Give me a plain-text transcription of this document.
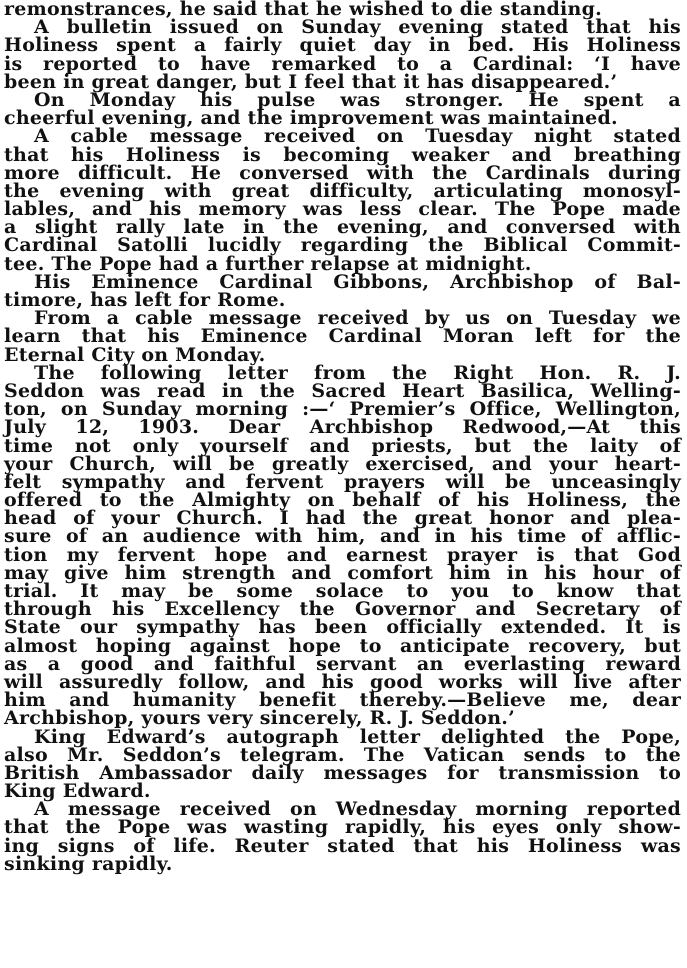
remonstrances, he said that he wished to die standing.
A bulletin issued on Sunday evening stated that his
Holiness spent a fairly quiet day in bed. His Holiness
is reported to have remarked to a Cardinal: ‘I have
been in great danger, but I feel that it has disappeared.’
On Monday his pulse was stronger. He spent a
cheerful evening, and the improvement was maintained.
A cable message received on Tuesday night stated
that his Holiness is becoming weaker and breathing
more difficult. He conversed with the Cardinals during
the evening with great difficulty, articulating monosyl-
lables, and his memory was less clear. The Pope made
a slight rally late in the evening, and conversed with
Cardinal Satolli lucidly regarding the Biblical Commit-
tee. The Pope had a further relapse at midnight.
His Eminence Cardinal Gibbons, Archbishop of Bal-
timore, has left for Rome.
From a cable message received by us on Tuesday we
learn that his Eminence Cardinal Moran left for the
Eternal City on Monday.
The following letter from the Right Hon. R. J.
Seddon was read in the Sacred Heart Basilica, Welling-
ton, on Sunday morning :—‘ Premier’s Office, Wellington,
July 12, 1903. Dear Archbishop Redwood,—At this
time not only yourself and priests, but the laity of
your Church, will be greatly exercised, and your heart-
felt sympathy and fervent prayers will be unceasingly
offered to the Almighty on behalf of his Holiness, the
head of your Church. I had the great honor and plea-
sure of an audience with him, and in his time of afflic-
tion my fervent hope and earnest prayer is that God
may give him strength and comfort him in his hour of
trial. It may be some solace to you to know that
through his Excellency the Governor and Secretary of
State our sympathy has been officially extended. It is
almost hoping against hope to anticipate recovery, but
as a good and faithful servant an everlasting reward
will assuredly follow, and his good works will live after
him and humanity benefit thereby.—Believe me, dear
Archbishop, yours very sincerely, R. J. Seddon.’
King Edward’s autograph letter delighted the Pope,
also Mr. Seddon’s telegram. The Vatican sends to the
British Ambassador daily messages for transmission to
King Edward.
A message received on Wednesday morning reported
that the Pope was wasting rapidly, his eyes only show-
ing signs of life. Reuter stated that his Holiness was
sinking rapidly.
